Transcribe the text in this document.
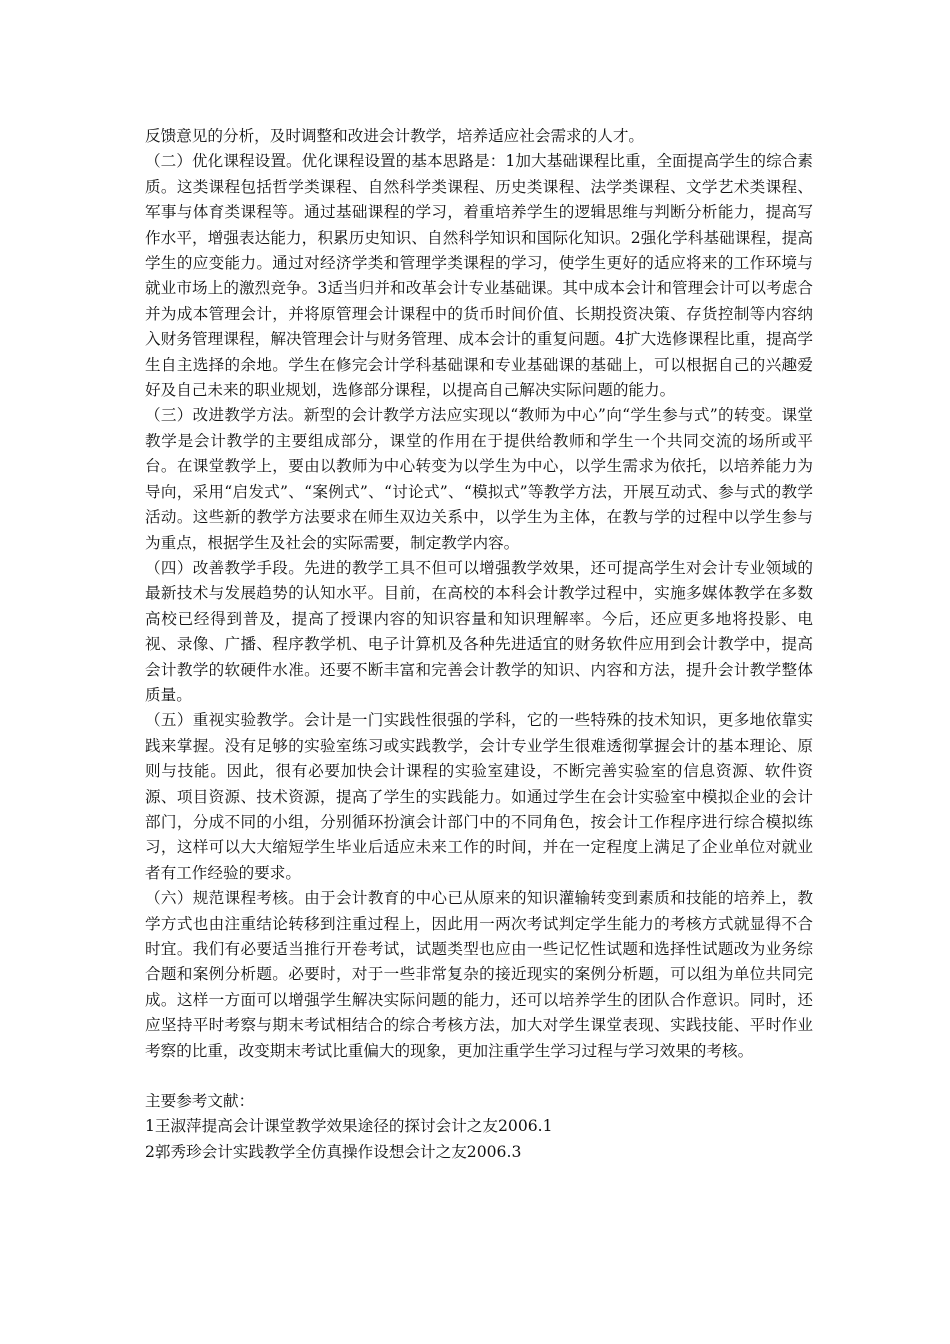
反馈意见的分析，及时调整和改进会计教学，培养适应社会需求的人才。

（二）优化课程设置。优化课程设置的基本思路是：1加大基础课程比重，全面提高学生的综合素质。这类课程包括哲学类课程、自然科学类课程、历史类课程、法学类课程、文学艺术类课程、军事与体育类课程等。通过基础课程的学习，着重培养学生的逻辑思维与判断分析能力，提高写作水平，增强表达能力，积累历史知识、自然科学知识和国际化知识。2强化学科基础课程，提高学生的应变能力。通过对经济学类和管理学类课程的学习，使学生更好的适应将来的工作环境与就业市场上的激烈竞争。3适当归并和改革会计专业基础课。其中成本会计和管理会计可以考虑合并为成本管理会计，并将原管理会计课程中的货币时间价值、长期投资决策、存货控制等内容纳入财务管理课程，解决管理会计与财务管理、成本会计的重复问题。4扩大选修课程比重，提高学生自主选择的余地。学生在修完会计学科基础课和专业基础课的基础上，可以根据自己的兴趣爱好及自己未来的职业规划，选修部分课程，以提高自己解决实际问题的能力。

（三）改进教学方法。新型的会计教学方法应实现以“教师为中心”向“学生参与式”的转变。课堂教学是会计教学的主要组成部分，课堂的作用在于提供给教师和学生一个共同交流的场所或平台。在课堂教学上，要由以教师为中心转变为以学生为中心，以学生需求为依托，以培养能力为导向，采用“启发式”、“案例式”、“讨论式”、“模拟式”等教学方法，开展互动式、参与式的教学活动。这些新的教学方法要求在师生双边关系中，以学生为主体，在教与学的过程中以学生参与为重点，根据学生及社会的实际需要，制定教学内容。

（四）改善教学手段。先进的教学工具不但可以增强教学效果，还可提高学生对会计专业领域的最新技术与发展趋势的认知水平。目前，在高校的本科会计教学过程中，实施多媒体教学在多数高校已经得到普及，提高了授课内容的知识容量和知识理解率。今后，还应更多地将投影、电视、录像、广播、程序教学机、电子计算机及各种先进适宜的财务软件应用到会计教学中，提高会计教学的软硬件水准。还要不断丰富和完善会计教学的知识、内容和方法，提升会计教学整体质量。

（五）重视实验教学。会计是一门实践性很强的学科，它的一些特殊的技术知识，更多地依靠实践来掌握。没有足够的实验室练习或实践教学，会计专业学生很难透彻掌握会计的基本理论、原则与技能。因此，很有必要加快会计课程的实验室建设，不断完善实验室的信息资源、软件资源、项目资源、技术资源，提高了学生的实践能力。如通过学生在会计实验室中模拟企业的会计部门，分成不同的小组，分别循环扮演会计部门中的不同角色，按会计工作程序进行综合模拟练习，这样可以大大缩短学生毕业后适应未来工作的时间，并在一定程度上满足了企业单位对就业者有工作经验的要求。

（六）规范课程考核。由于会计教育的中心已从原来的知识灌输转变到素质和技能的培养上，教学方式也由注重结论转移到注重过程上，因此用一两次考试判定学生能力的考核方式就显得不合时宜。我们有必要适当推行开卷考试，试题类型也应由一些记忆性试题和选择性试题改为业务综合题和案例分析题。必要时，对于一些非常复杂的接近现实的案例分析题，可以组为单位共同完成。这样一方面可以增强学生解决实际问题的能力，还可以培养学生的团队合作意识。同时，还应坚持平时考察与期末考试相结合的综合考核方法，加大对学生课堂表现、实践技能、平时作业考察的比重，改变期末考试比重偏大的现象，更加注重学生学习过程与学习效果的考核。

主要参考文献：

1王淑萍提高会计课堂教学效果途径的探讨会计之友2006.1

2郭秀珍会计实践教学全仿真操作设想会计之友2006.3
